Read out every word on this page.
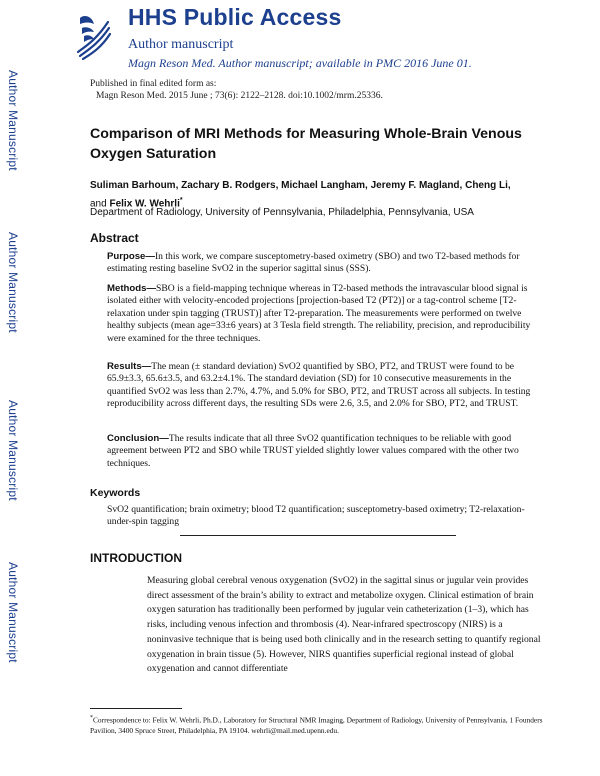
Author Manuscript
Author Manuscript
Author Manuscript
Author Manuscript
HHS Public Access
Author manuscript
Magn Reson Med. Author manuscript; available in PMC 2016 June 01.
Published in final edited form as:
Magn Reson Med. 2015 June ; 73(6): 2122–2128. doi:10.1002/mrm.25336.
Comparison of MRI Methods for Measuring Whole-Brain Venous Oxygen Saturation
Suliman Barhoum, Zachary B. Rodgers, Michael Langham, Jeremy F. Magland, Cheng Li,
and Felix W. Wehrli*
Department of Radiology, University of Pennsylvania, Philadelphia, Pennsylvania, USA
Abstract
Purpose—In this work, we compare susceptometry-based oximetry (SBO) and two T2-based methods for estimating resting baseline SvO2 in the superior sagittal sinus (SSS).
Methods—SBO is a field-mapping technique whereas in T2-based methods the intravascular blood signal is isolated either with velocity-encoded projections [projection-based T2 (PT2)] or a tag-control scheme [T2-relaxation under spin tagging (TRUST)] after T2-preparation. The measurements were performed on twelve healthy subjects (mean age=33±6 years) at 3 Tesla field strength. The reliability, precision, and reproducibility were examined for the three techniques.
Results—The mean (± standard deviation) SvO2 quantified by SBO, PT2, and TRUST were found to be 65.9±3.3, 65.6±3.5, and 63.2±4.1%. The standard deviation (SD) for 10 consecutive measurements in the quantified SvO2 was less than 2.7%, 4.7%, and 5.0% for SBO, PT2, and TRUST across all subjects. In testing reproducibility across different days, the resulting SDs were 2.6, 3.5, and 2.0% for SBO, PT2, and TRUST.
Conclusion—The results indicate that all three SvO2 quantification techniques to be reliable with good agreement between PT2 and SBO while TRUST yielded slightly lower values compared with the other two techniques.
Keywords
SvO2 quantification; brain oximetry; blood T2 quantification; susceptometry-based oximetry; T2-relaxation-under-spin tagging
INTRODUCTION
Measuring global cerebral venous oxygenation (SvO2) in the sagittal sinus or jugular vein provides direct assessment of the brain’s ability to extract and metabolize oxygen. Clinical estimation of brain oxygen saturation has traditionally been performed by jugular vein catheterization (1–3), which has risks, including venous infection and thrombosis (4). Near-infrared spectroscopy (NIRS) is a noninvasive technique that is being used both clinically and in the research setting to quantify regional oxygenation in brain tissue (5). However, NIRS quantifies superficial regional instead of global oxygenation and cannot differentiate
*Correspondence to: Felix W. Wehrli, Ph.D., Laboratory for Structural NMR Imaging, Department of Radiology, University of Pennsylvania, 1 Founders Pavilion, 3400 Spruce Street, Philadelphia, PA 19104. wehrli@mail.med.upenn.edu.
